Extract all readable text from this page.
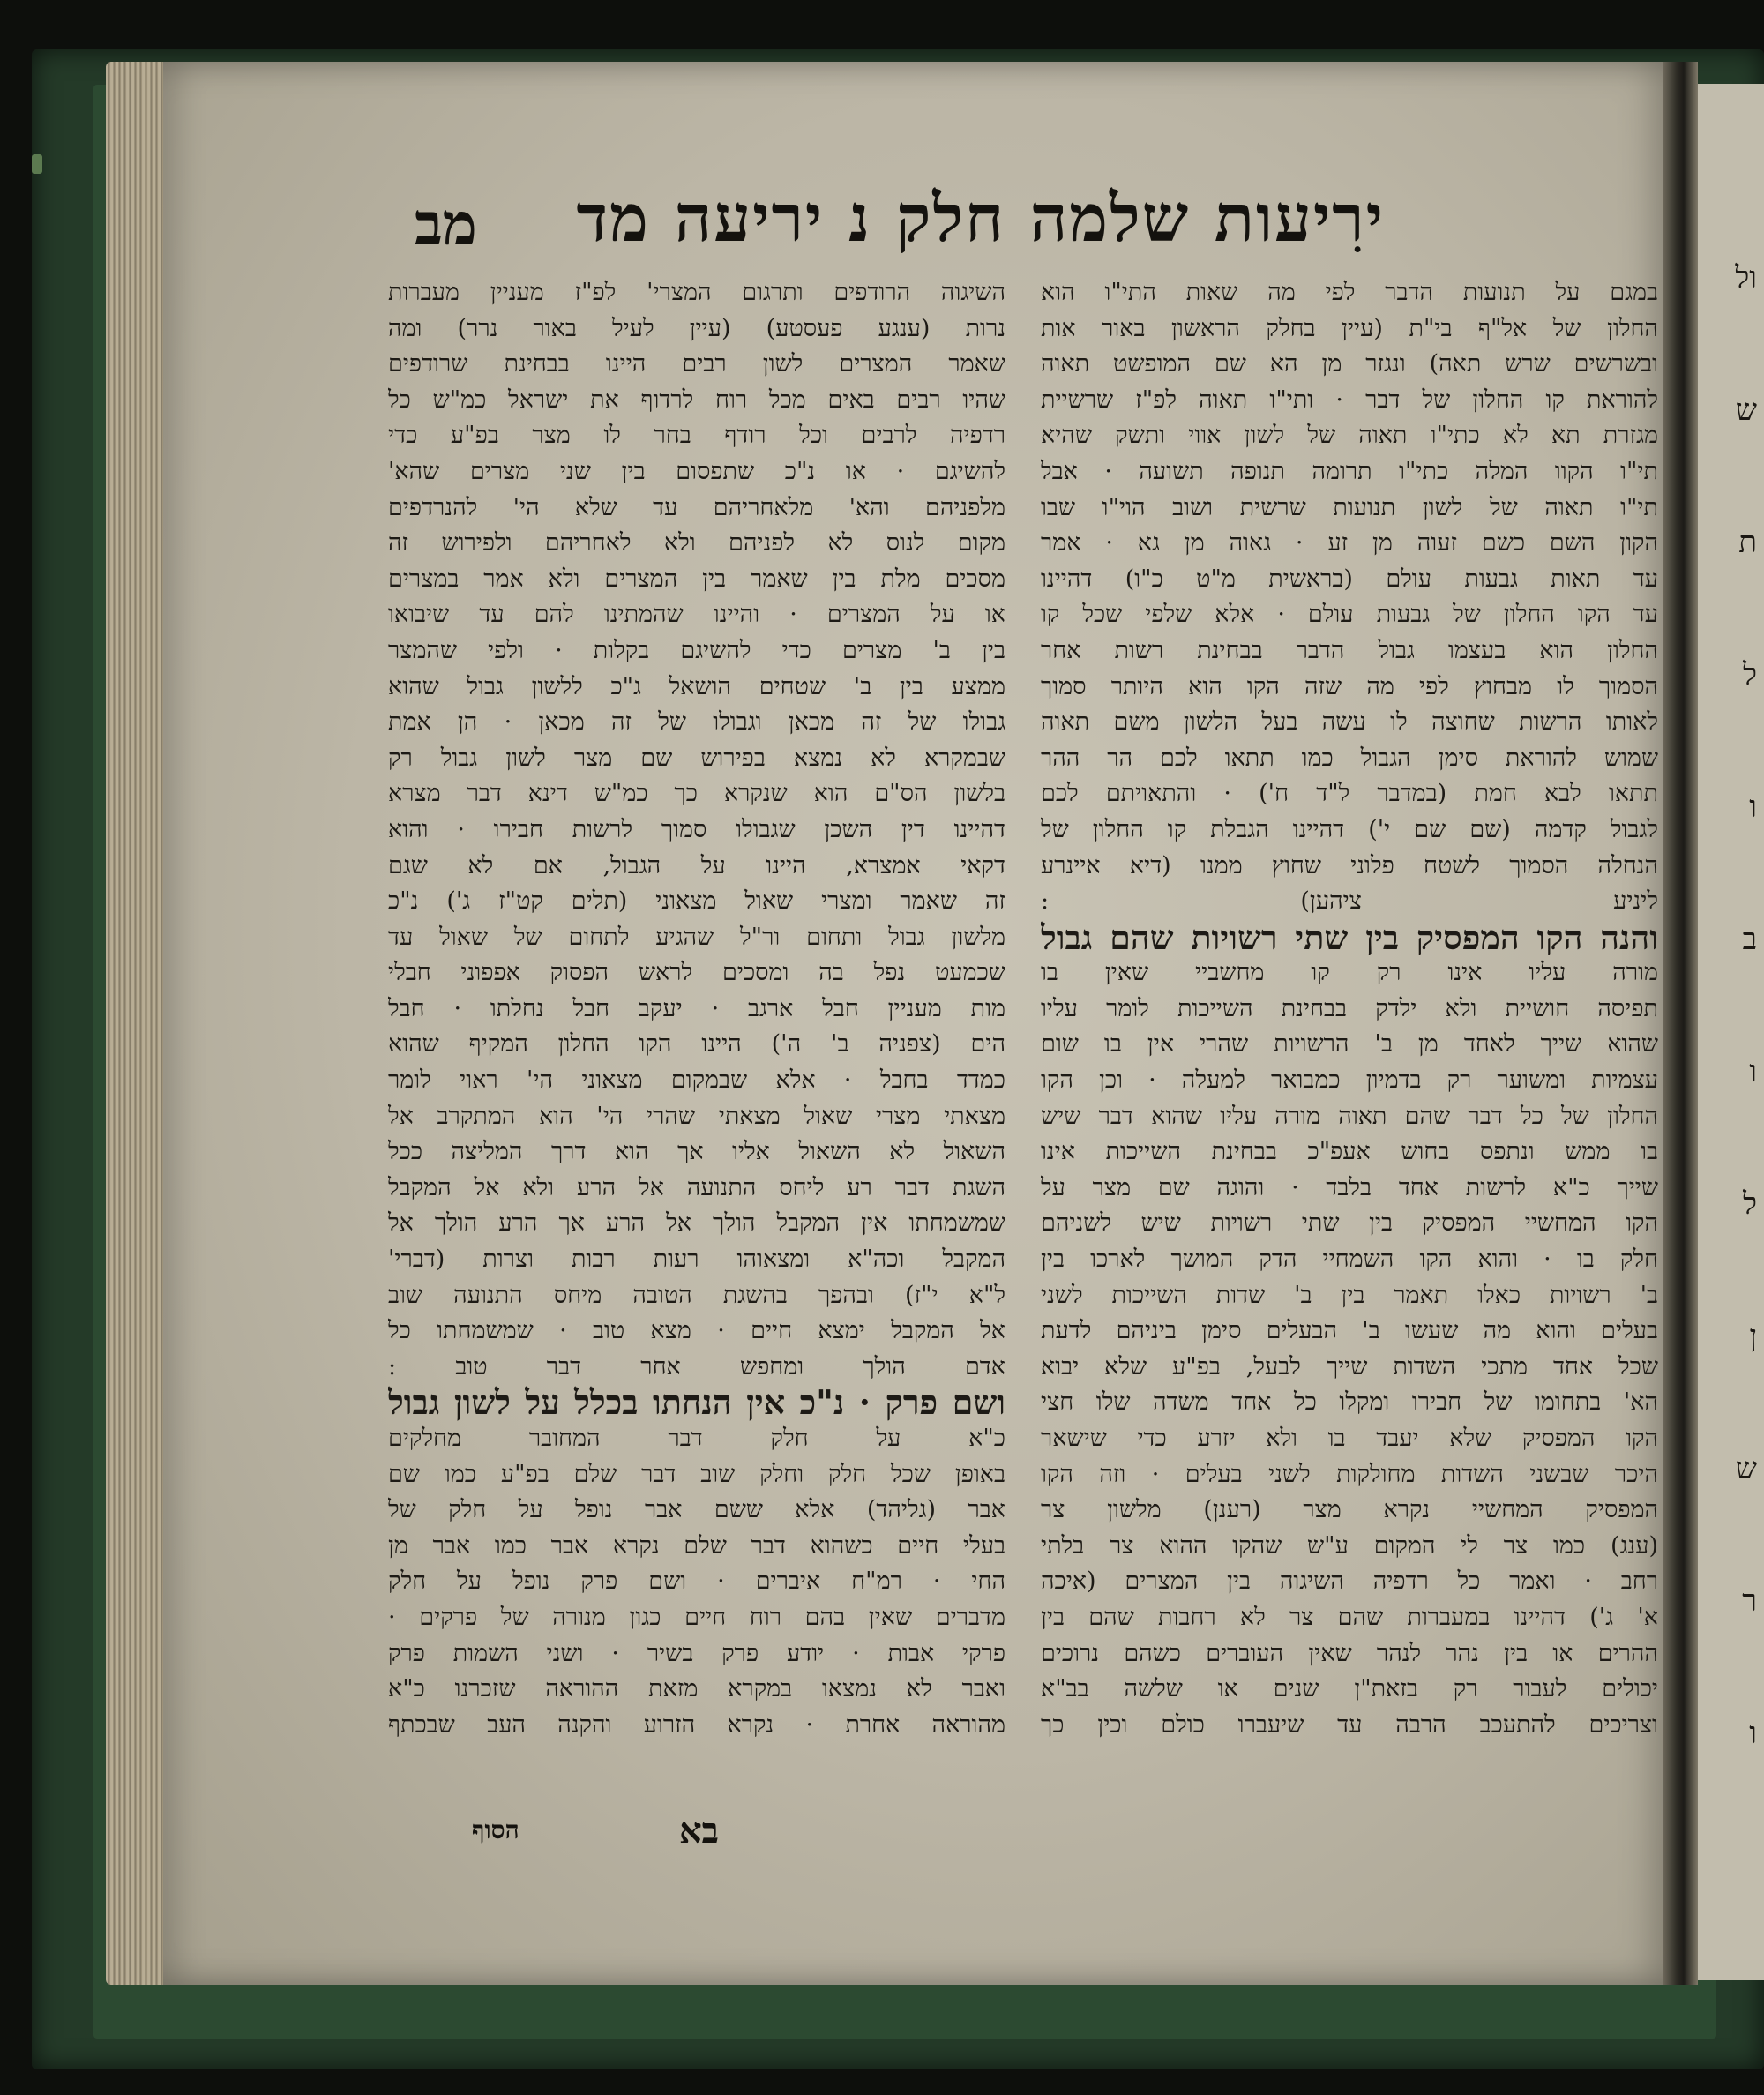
ול
ש
ת
ל
ו
ב
ו
ל
ן
ש
ר
ו
ירִיעות שלמה חלק נ יריעה מד
מב
במגם על תנועות הדבר לפי מה שאות התי"ו הוא
החלון של אל"ף בי"ת (עיין בחלק הראשון באור אות
ובשרשים שרש תאה) ונגזר מן הא שם המופשט תאוה
להוראת קו החלון של דבר · ותי"ו תאוה לפ"ז שרשיית
מגזרת תא לא כתי"ו תאוה של לשון אווי ותשק שהיא
תי"ו הקוו המלה כתי"ו תרומה תנופה תשועה · אבל
תי"ו תאוה של לשון תנועות שרשית ושוב הוי"ו שבו
הקון השם כשם זעוה מן זע · גאוה מן גא · אמר
עד תאות גבעות עולם (בראשית מ"ט כ"ו) דהיינו
עד הקו החלון של גבעות עולם · אלא שלפי שכל קו
החלון הוא בעצמו גבול הדבר בבחינת רשות אחר
הסמוך לו מבחוץ לפי מה שזה הקו הוא היותר סמוך
לאותו הרשות שחוצה לו עשה בעל הלשון משם תאוה
שמוש להוראת סימן הגבול כמו תתאו לכם הר ההר
תתאו לבא חמת (במדבר ל"ד ח') · והתאויתם לכם
לגבול קדמה (שם שם י') דהיינו הגבלת קו החלון של
הנחלה הסמוך לשטח פלוני שחוץ ממנו (דיא איינרע
ליניע ציהען) :
והנה הקו המפסיק בין שתי רשויות שהם גבול
מורה עליו אינו רק קו מחשביי שאין בו
תפיסה חושיית ולא ילדק בבחינת השייכות לומר עליו
שהוא שייך לאחד מן ב' הרשויות שהרי אין בו שום
עצמיות ומשוער רק בדמיון כמבואר למעלה · וכן הקו
החלון של כל דבר שהם תאוה מורה עליו שהוא דבר שיש
בו ממש ונתפס בחוש אעפ"כ בבחינת השייכות אינו
שייך כ"א לרשות אחד בלבד · והוגה שם מצר על
הקו המחשיי המפסיק בין שתי רשויות שיש לשניהם
חלק בו · והוא הקו השמחיי הדק המושך לארכו בין
ב' רשויות כאלו תאמר בין ב' שדות השייכות לשני
בעלים והוא מה שעשו ב' הבעלים סימן ביניהם לדעת
שכל אחד מתכי השדות שייך לבעל, בפ"ע שלא יבוא
הא' בתחומו של חבירו ומקלו כל אחד משדה שלו חצי
הקו המפסיק שלא יעבד בו ולא יזרע כדי שישאר
היכר שבשני השדות מחולקות לשני בעלים · וזה הקו
המפסיק המחשיי נקרא מצר (רענן) מלשון צר
(ענג) כמו צר לי המקום ע"ש שהקו ההוא צר בלתי
רחב · ואמר כל רדפיה השיגוה בין המצרים (איכה
א' ג') דהיינו במעברות שהם צר לא רחבות שהם בין
ההרים או בין נהר לנהר שאין העוברים כשהם נרוכים
יכולים לעבור רק בזאת"ן שנים או שלשה בב"א
וצריכים להתעכב הרבה עד שיעברו כולם וכין כך
השיגוה הרודפים ותרגום המצרי' לפ"ז מעניין מעברות
נרות (ענגע פעסטע) (עיין לעיל באור נרר) ומה
שאמר המצרים לשון רבים היינו בבחינת שרודפים
שהיו רבים באים מכל רוח לרדוף את ישראל כמ"ש כל
רדפיה לרבים וכל רודף בחר לו מצר בפ"ע כדי
להשיגם · או נ"כ שתפסום בין שני מצרים שהא'
מלפניהם והא' מלאחריהם עד שלא הי' להנרדפים
מקום לנוס לא לפניהם ולא לאחריהם ולפירוש זה
מסכים מלת בין שאמר בין המצרים ולא אמר במצרים
או על המצרים · והיינו שהמתינו להם עד שיבואו
בין ב' מצרים כדי להשיגם בקלות · ולפי שהמצר
ממצע בין ב' שטחים הושאל ג"כ ללשון גבול שהוא
גבולו של זה מכאן וגבולו של זה מכאן · הן אמת
שבמקרא לא נמצא בפירוש שם מצר לשון גבול רק
בלשון הס"ם הוא שנקרא כך כמ"ש דינא דבר מצרא
דהיינו דין השכן שגבולו סמוך לרשות חבירו · והוא
דקאי אמצרא, היינו על הגבול, אם לא שגם
זה שאמר ומצרי שאול מצאוני (תלים קט"ז ג') נ"כ
מלשון גבול ותחום ור"ל שהגיע לתחום של שאול עד
שכמעט נפל בה ומסכים לראש הפסוק אפפוני חבלי
מות מעניין חבל ארגב · יעקב חבל נחלתו · חבל
הים (צפניה ב' ה') היינו הקו החלון המקיף שהוא
כמדד בחבל · אלא שבמקום מצאוני הי' ראוי לומר
מצאתי מצרי שאול מצאתי שהרי הי' הוא המתקרב אל
השאול לא השאול אליו אך הוא דרך המליצה ככל
השגת דבר רע ליחס התנועה אל הרע ולא אל המקבל
שמשמחתו אין המקבל הולך אל הרע אך הרע הולך אל
המקבל וכה"א ומצאוהו רעות רבות וצרות (דברי'
ל"א י"ז) ובהפך בהשגת הטובה מיחס התנועה שוב
אל המקבל ימצא חיים · מצא טוב · שמשמחתו כל
אדם הולך ומחפש אחר דבר טוב :
ושם פרק · נ"כ אין הנחתו בכלל על לשון גבול
כ"א על חלק דבר המחובר מחלקים
באופן שכל חלק וחלק שוב דבר שלם בפ"ע כמו שם
אבר (גליהד) אלא ששם אבר נופל על חלק של
בעלי חיים כשהוא דבר שלם נקרא אבר כמו אבר מן
החי · רמ"ח איברים · ושם פרק נופל על חלק
מדברים שאין בהם רוח חיים כגון מנורה של פרקים ·
פרקי אבות · יודע פרק בשיר · ושני השמות פרק
ואבר לא נמצאו במקרא מזאת ההוראה שזכרנו כ"א
מהוראה אחרת · נקרא הזרוע והקנה העב שבכתף
בא
הסוף
